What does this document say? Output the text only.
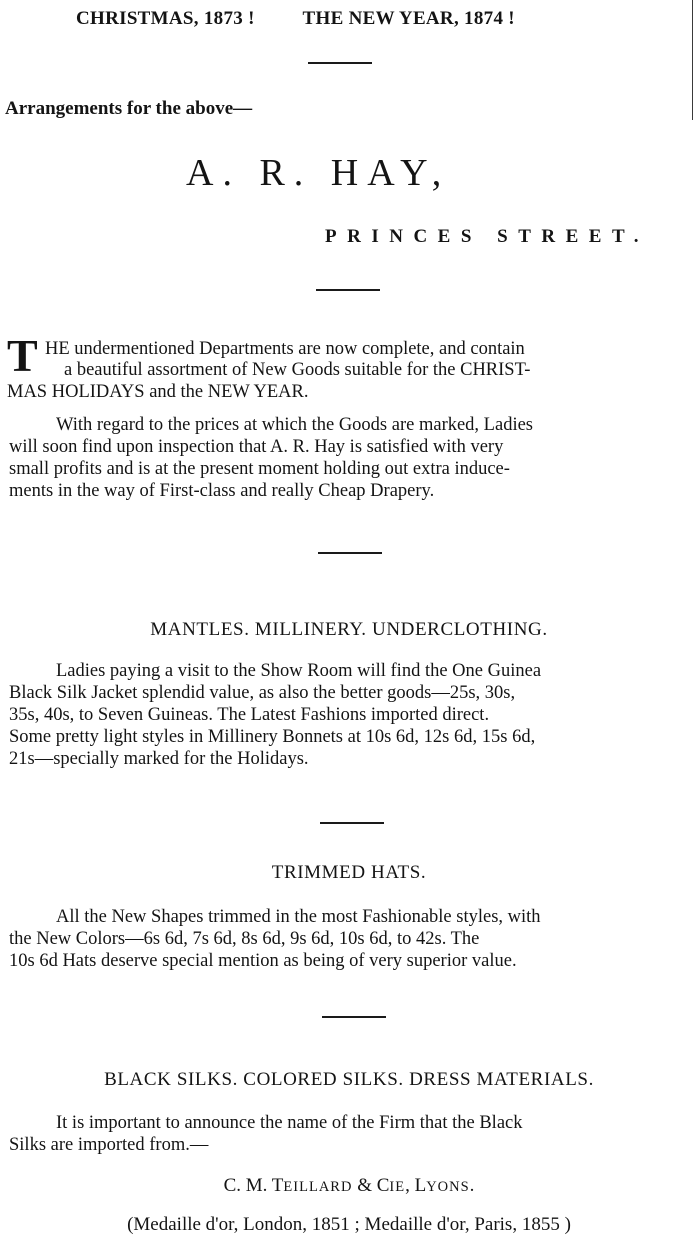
CHRISTMAS, 1873 !	THE NEW YEAR, 1874 !
Arrangements for the above—
A. R. HAY,
PRINCES STREET.
T HE undermentioned Departments are now complete, and contain
a beautiful assortment of New Goods suitable for the CHRIST-
MAS HOLIDAYS and the NEW YEAR.
With regard to the prices at which the Goods are marked, Ladies
will soon find upon inspection that A. R. Hay is satisfied with very
small profits and is at the present moment holding out extra induce-
ments in the way of First-class and really Cheap Drapery.
MANTLES. MILLINERY. UNDERCLOTHING.
Ladies paying a visit to the Show Room will find the One Guinea
Black Silk Jacket splendid value, as also the better goods—25s, 30s,
35s, 40s, to Seven Guineas. The Latest Fashions imported direct.
Some pretty light styles in Millinery Bonnets at 10s 6d, 12s 6d, 15s 6d,
21s—specially marked for the Holidays.
TRIMMED HATS.
All the New Shapes trimmed in the most Fashionable styles, with
the New Colors—6s 6d, 7s 6d, 8s 6d, 9s 6d, 10s 6d, to 42s. The
10s 6d Hats deserve special mention as being of very superior value.
BLACK SILKS. COLORED SILKS. DRESS MATERIALS.
It is important to announce the name of the Firm that the Black
Silks are imported from.—
C. M. TEILLARD & CIE, LYONS.
(Medaille d'or, London, 1851 ; Medaille d'or, Paris, 1855 )
